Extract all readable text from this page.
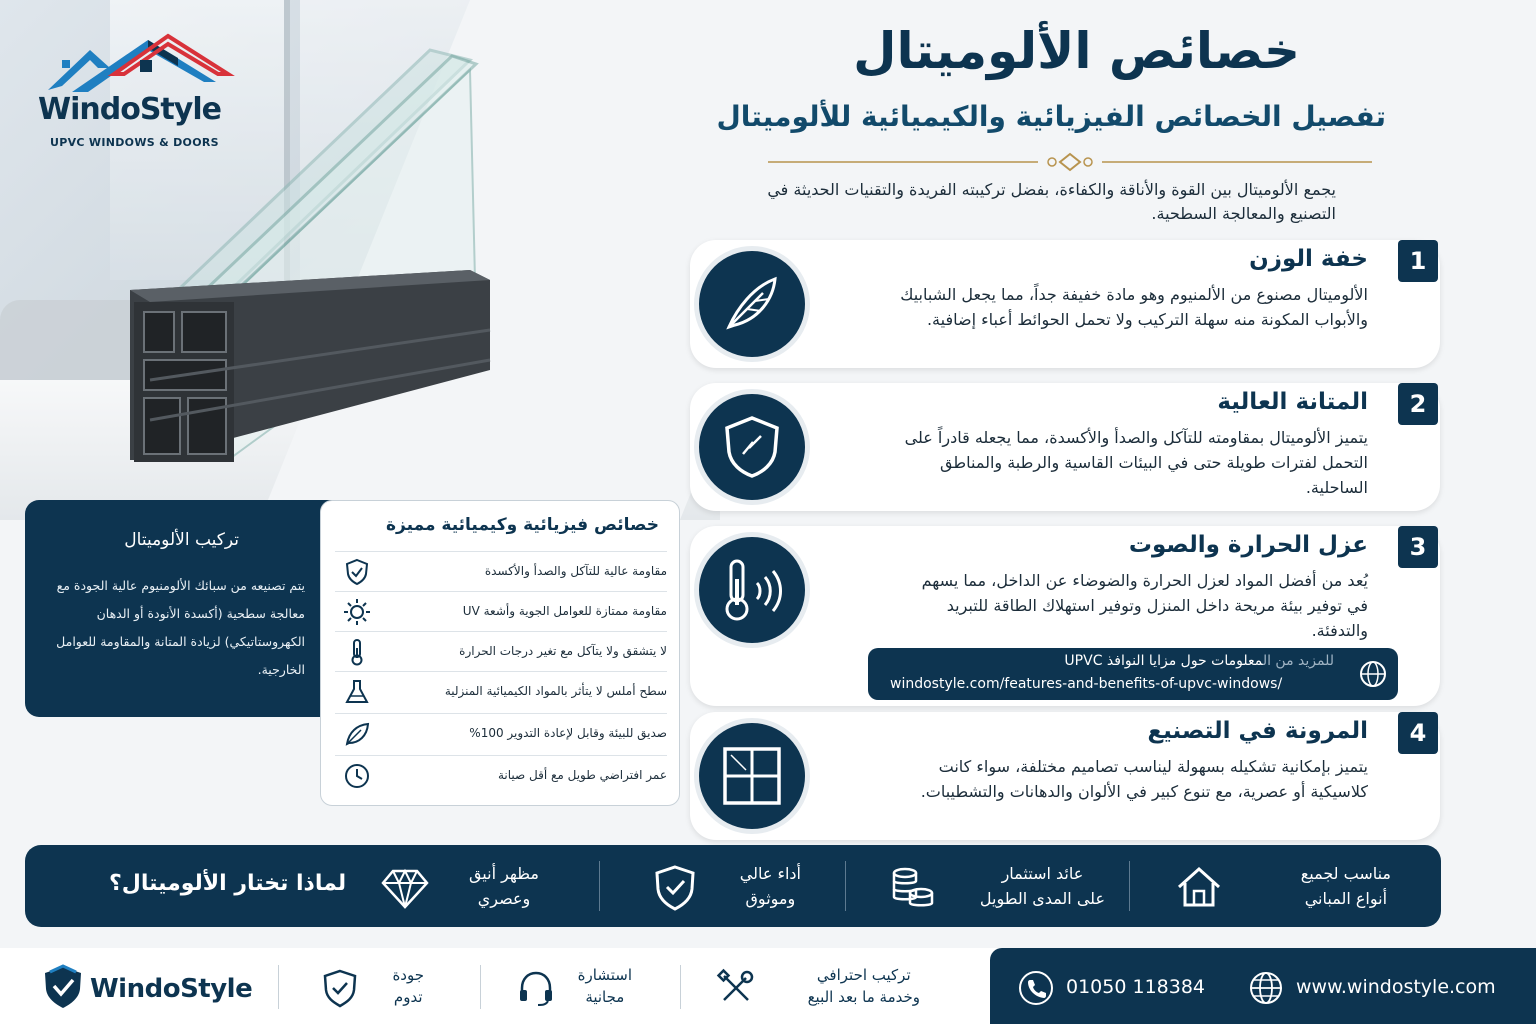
WindoStyle
UPVC WINDOWS & DOORS
خصائص الألوميتال
تفصيل الخصائص الفيزيائية والكيميائية للألوميتال
يجمع الألوميتال بين القوة والأناقة والكفاءة، بفضل تركيبته الفريدة والتقنيات الحديثة في التصنيع والمعالجة السطحية.
1
خفة الوزن
الألوميتال مصنوع من الألمنيوم وهو مادة خفيفة جداً، مما يجعل الشبابيك والأبواب المكونة منه سهلة التركيب ولا تحمل الحوائط أعباء إضافية.
2
المتانة العالية
يتميز الألوميتال بمقاومته للتآكل والصدأ والأكسدة، مما يجعله قادراً على التحمل لفترات طويلة حتى في البيئات القاسية والرطبة والمناطق الساحلية.
3
عزل الحرارة والصوت
يُعد من أفضل المواد لعزل الحرارة والضوضاء عن الداخل، مما يسهم في توفير بيئة مريحة داخل المنزل وتوفير استهلاك الطاقة للتبريد والتدفئة.
للمزيد من المعلومات حول مزايا النوافذ UPVC
windostyle.com/features-and-benefits-of-upvc-windows/
4
المرونة في التصنيع
يتميز بإمكانية تشكيله بسهولة ليناسب تصاميم مختلفة، سواء كانت كلاسيكية أو عصرية، مع تنوع كبير في الألوان والدهانات والتشطيبات.
تركيب الألوميتال
يتم تصنيعه من سبائك الألومنيوم عالية الجودة مع معالجة سطحية (أكسدة الأنودة أو الدهان الكهروستاتيكي) لزيادة المتانة والمقاومة للعوامل الخارجية.
خصائص فيزيائية وكيميائية مميزة
مقاومة عالية للتآكل والصدأ والأكسدة
مقاومة ممتازة للعوامل الجوية وأشعة UV
لا يتشقق ولا يتآكل مع تغير درجات الحرارة
سطح أملس لا يتأثر بالمواد الكيميائية المنزلية
صديق للبيئة وقابل لإعادة التدوير 100%
عمر افتراضي طويل مع أقل صيانة
لماذا تختار الألوميتال؟	مناسب لجميع
أنواع المباني
عائد استثمار
على المدى الطويل
أداء عالي
وموثوق
مظهر أنيق
وعصري
WindoStyle	جودة
تدوم
استشارة
مجانية
تركيب احترافي
وخدمة ما بعد البيع	01050 118384	www.windostyle.com
